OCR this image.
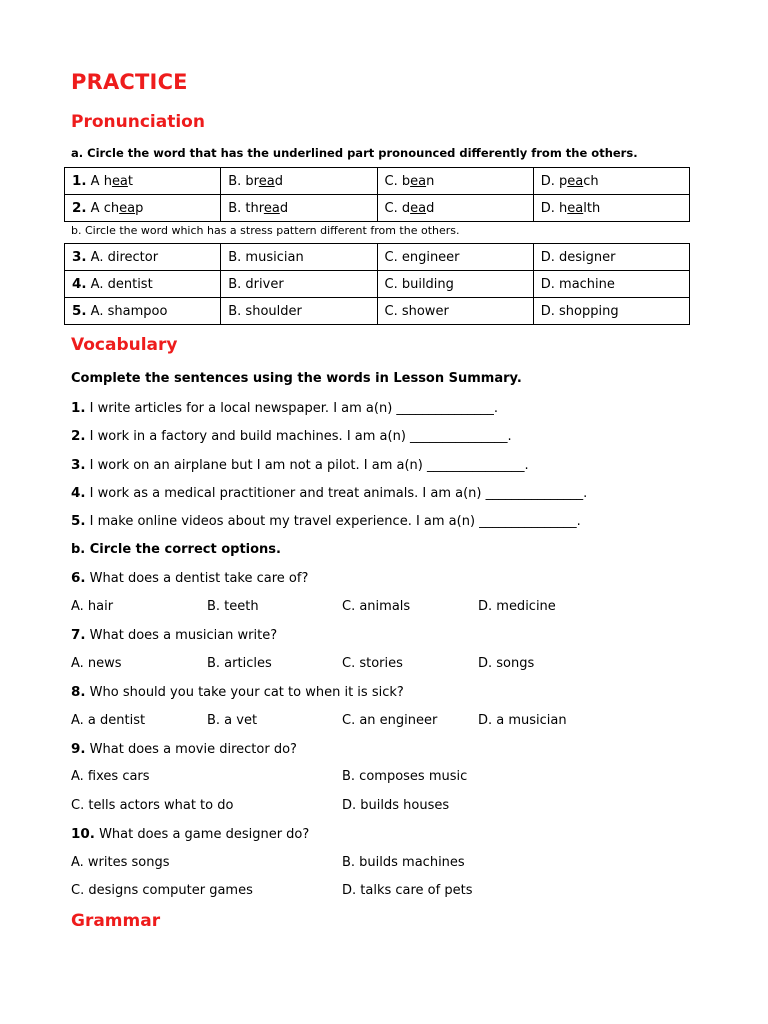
PRACTICE
Pronunciation

a. Circle the word that has the underlined part pronounced differently from the others.

1. A heat	B. bread	C. bean	D. peach
2. A cheap	B. thread	C. dead	D. health

b. Circle the word which has a stress pattern different from the others.

3. A. director	B. musician	C. engineer	D. designer
4. A. dentist	B. driver	C. building	D. machine
5. A. shampoo	B. shoulder	C. shower	D. shopping
Vocabulary

Complete the sentences using the words in Lesson Summary.

1. I write articles for a local newspaper. I am a(n) _______________.

2. I work in a factory and build machines. I am a(n) _______________.

3. I work on an airplane but I am not a pilot. I am a(n) _______________.

4. I work as a medical practitioner and treat animals. I am a(n) _______________.

5. I make online videos about my travel experience. I am a(n) _______________.

b. Circle the correct options.

6. What does a dentist take care of?

A. hair	B. teeth	C. animals	D. medicine

7. What does a musician write?

A. news	B. articles	C. stories	D. songs

8. Who should you take your cat to when it is sick?

A. a dentist	B. a vet	C. an engineer	D. a musician

9. What does a movie director do?

A. fixes cars	B. composes music

C. tells actors what to do	D. builds houses

10. What does a game designer do?

A. writes songs	B. builds machines

C. designs computer games	D. talks care of pets

Grammar
